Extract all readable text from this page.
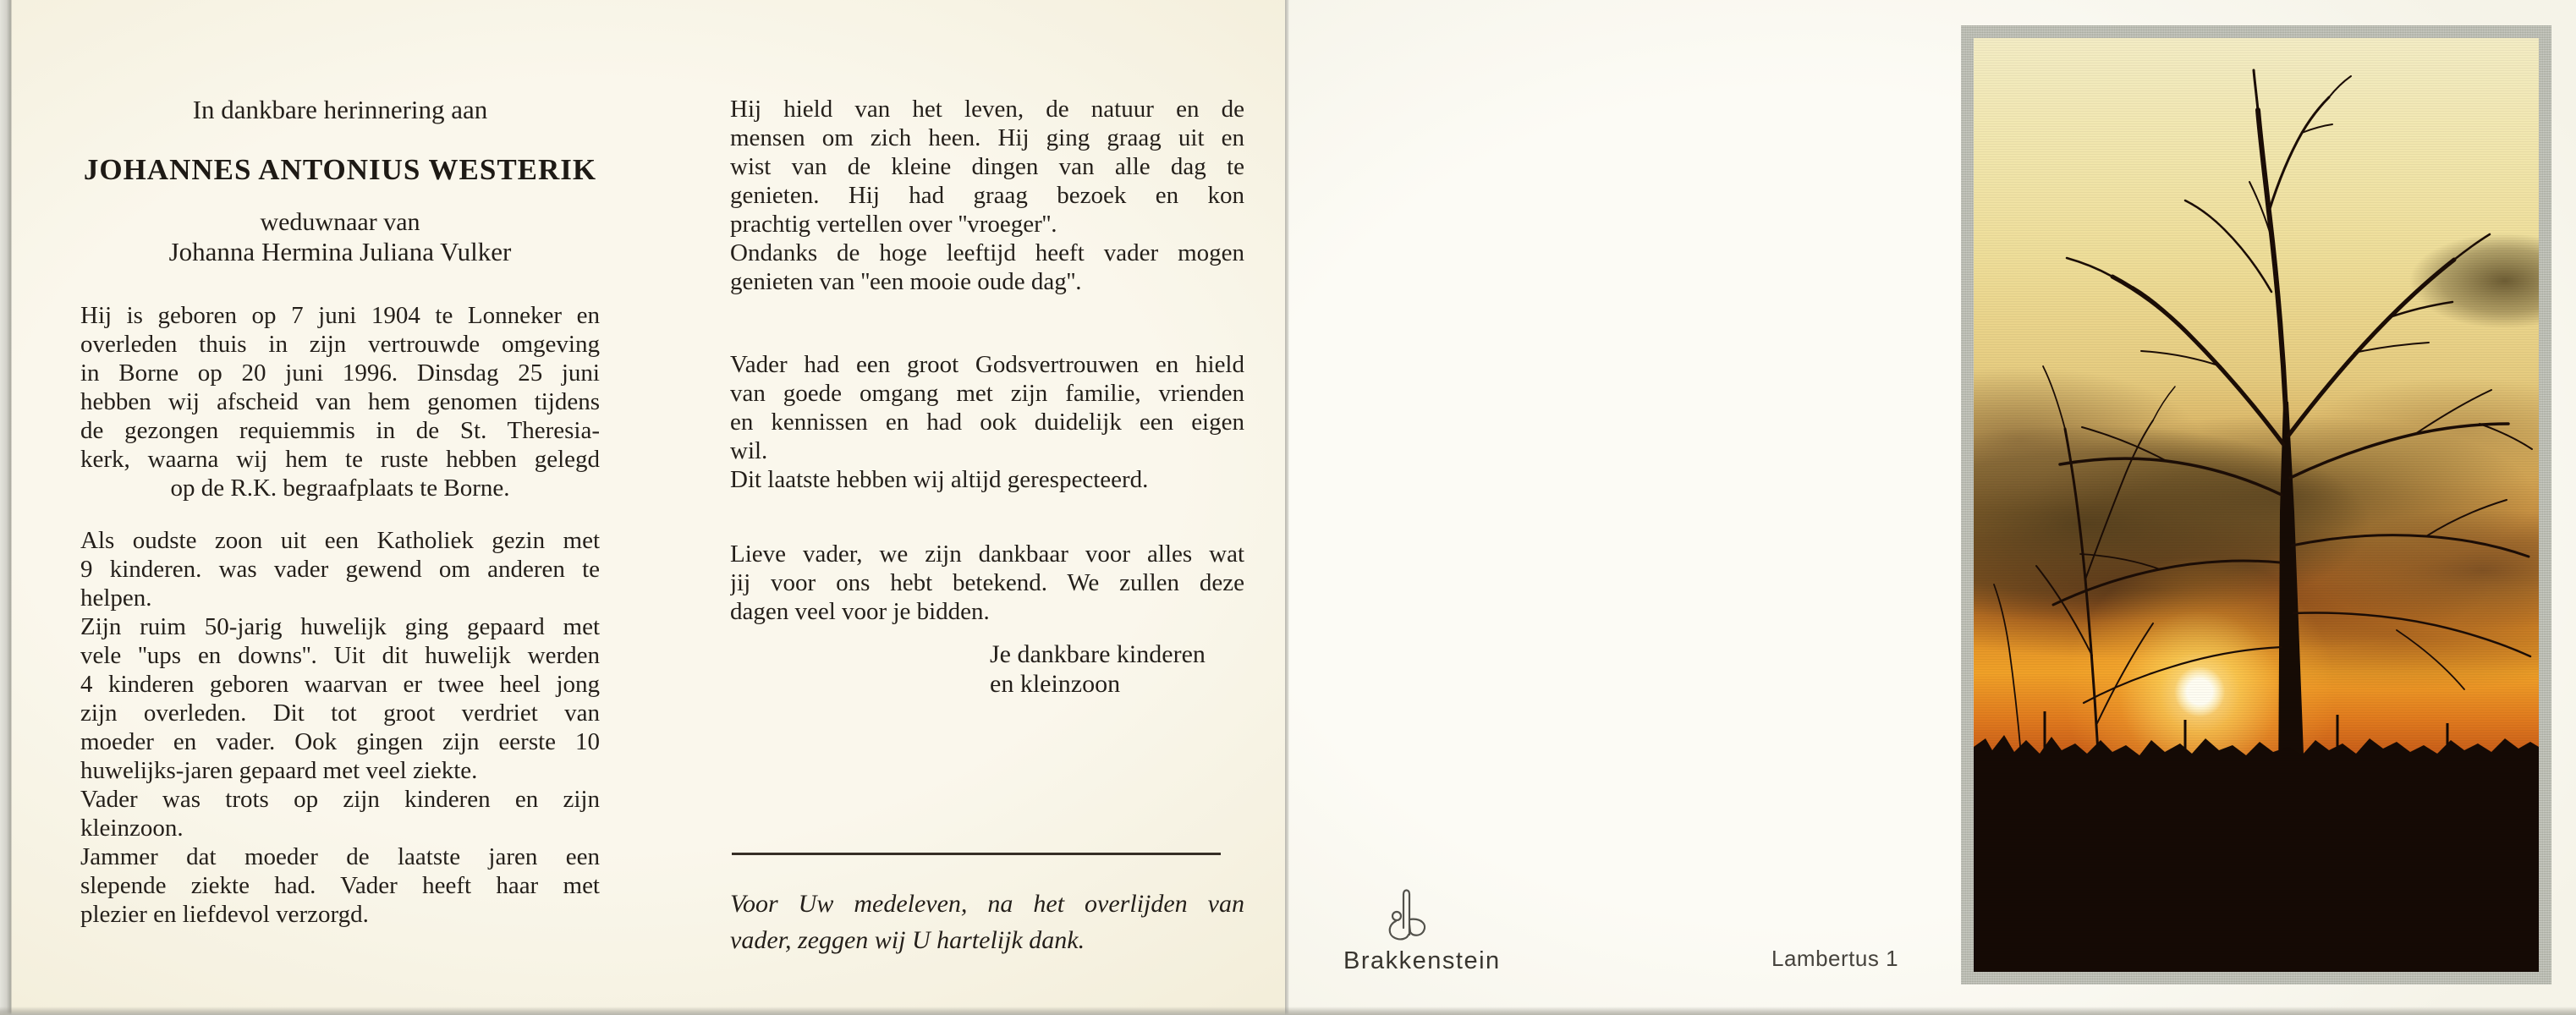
In dankbare herinnering aan
JOHANNES ANTONIUS WESTERIK
weduwnaar van
Johanna Hermina Juliana Vulker
Hij is geboren op 7 juni 1904 te Lonneker en
overleden thuis in zijn vertrouwde omgeving
in Borne op 20 juni 1996. Dinsdag 25 juni
hebben wij afscheid van hem genomen tijdens
de gezongen requiemmis in de St. Theresia-
kerk, waarna wij hem te ruste hebben gelegd
op de R.K. begraafplaats te Borne.
Als oudste zoon uit een Katholiek gezin met
9 kinderen. was vader gewend om anderen te
helpen.
Zijn ruim 50-jarig huwelijk ging gepaard met
vele ''ups en downs''. Uit dit huwelijk werden
4 kinderen geboren waarvan er twee heel jong
zijn overleden. Dit tot groot verdriet van
moeder en vader. Ook gingen zijn eerste 10
huwelijks-jaren gepaard met veel ziekte.
Vader was trots op zijn kinderen en zijn
kleinzoon.
Jammer dat moeder de laatste jaren een
slepende ziekte had. Vader heeft haar met
plezier en liefdevol verzorgd.
Hij hield van het leven, de natuur en de
mensen om zich heen. Hij ging graag uit en
wist van de kleine dingen van alle dag te
genieten. Hij had graag bezoek en kon
prachtig vertellen over ''vroeger''.
Ondanks de hoge leeftijd heeft vader mogen
genieten van ''een mooie oude dag''.
Vader had een groot Godsvertrouwen en hield
van goede omgang met zijn familie, vrienden
en kennissen en had ook duidelijk een eigen
wil.
Dit laatste hebben wij altijd gerespecteerd.
Lieve vader, we zijn dankbaar voor alles wat
jij voor ons hebt betekend. We zullen deze
dagen veel voor je bidden.
Je dankbare kinderen
en kleinzoon
Voor Uw medeleven, na het overlijden van
vader, zeggen wij U hartelijk dank.
Brakkenstein	Lambertus 1
